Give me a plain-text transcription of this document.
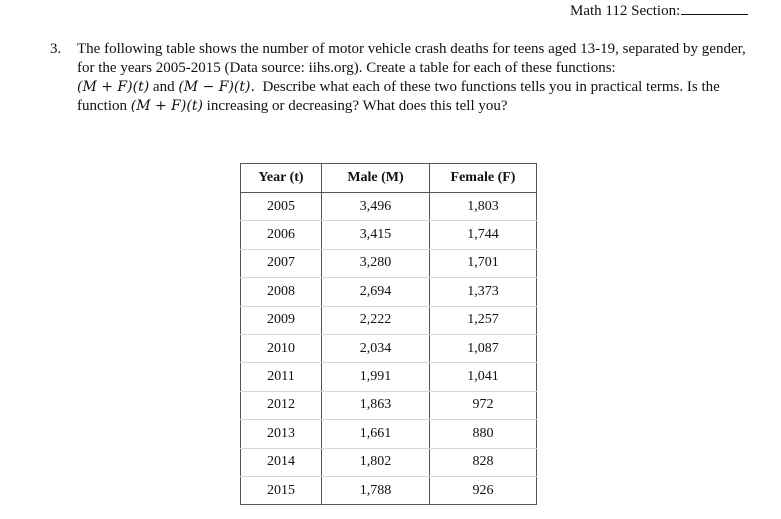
Math 112 Section:
3. The following table shows the number of motor vehicle crash deaths for teens aged 13-19, separated by gender, for the years 2005-2015 (Data source: iihs.org). Create a table for each of these functions:
(M + F)(t) and (M − F)(t). Describe what each of these two functions tells you in practical terms. Is the function (M + F)(t) increasing or decreasing? What does this tell you?
Year (t)	Male (M)	Female (F)
2005	3,496	1,803
2006	3,415	1,744
2007	3,280	1,701
2008	2,694	1,373
2009	2,222	1,257
2010	2,034	1,087
2011	1,991	1,041
2012	1,863	972
2013	1,661	880
2014	1,802	828
2015	1,788	926
